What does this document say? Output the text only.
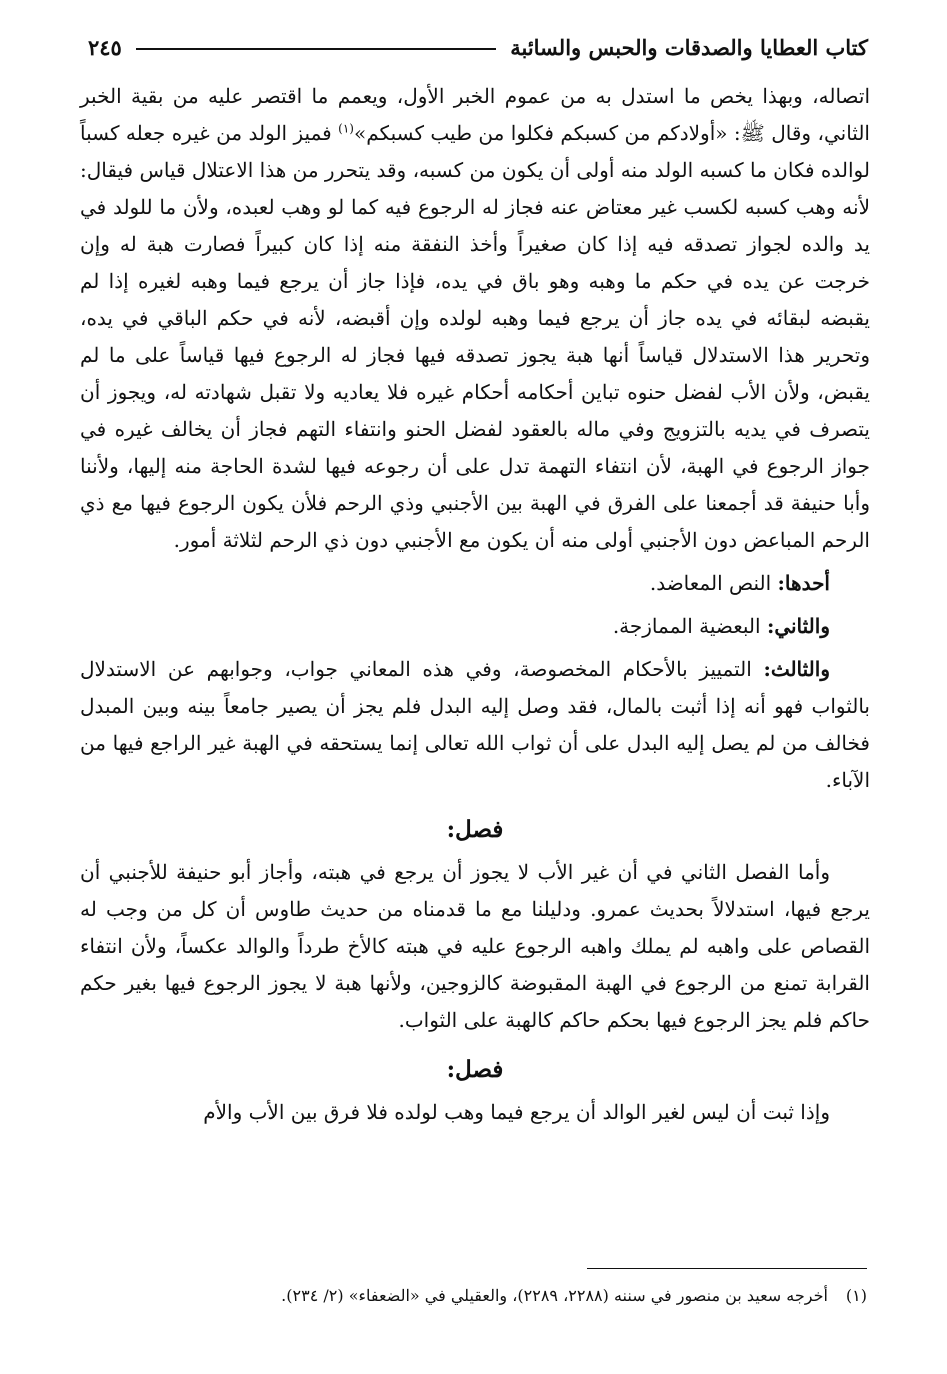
كتاب العطايا والصدقات والحبس والسائبة
٢٤٥

اتصاله، وبهذا يخص ما استدل به من عموم الخبر الأول، ويعمم ما اقتصر عليه من بقية الخبر الثاني، وقال ﷺ: «أولادكم من كسبكم فكلوا من طيب كسبكم»$^{(١)}$ فميز الولد من غيره جعله كسباً لوالده فكان ما كسبه الولد منه أولى أن يكون من كسبه، وقد يتحرر من هذا الاعتلال قياس فيقال: لأنه وهب كسبه لكسب غير معتاض عنه فجاز له الرجوع فيه كما لو وهب لعبده، ولأن ما للولد في يد والده لجواز تصدقه فيه إذا كان صغيراً وأخذ النفقة منه إذا كان كبيراً فصارت هبة له وإن خرجت عن يده في حكم ما وهبه وهو باق في يده، فإذا جاز أن يرجع فيما وهبه لغيره إذا لم يقبضه لبقائه في يده جاز أن يرجع فيما وهبه لولده وإن أقبضه، لأنه في حكم الباقي في يده، وتحرير هذا الاستدلال قياساً أنها هبة يجوز تصدقه فيها فجاز له الرجوع فيها قياساً على ما لم يقبض، ولأن الأب لفضل حنوه تباين أحكامه أحكام غيره فلا يعاديه ولا تقبل شهادته له، ويجوز أن يتصرف في يديه بالتزويج وفي ماله بالعقود لفضل الحنو وانتفاء التهم فجاز أن يخالف غيره في جواز الرجوع في الهبة، لأن انتفاء التهمة تدل على أن رجوعه فيها لشدة الحاجة منه إليها، ولأننا وأبا حنيفة قد أجمعنا على الفرق في الهبة بين الأجنبي وذي الرحم فلأن يكون الرجوع فيها مع ذي الرحم المباعض دون الأجنبي أولى منه أن يكون مع الأجنبي دون ذي الرحم لثلاثة أمور.

أحدها: النص المعاضد.

والثاني: البعضية الممازجة.

والثالث: التمييز بالأحكام المخصوصة، وفي هذه المعاني جواب، وجوابهم عن الاستدلال بالثواب فهو أنه إذا أثبت بالمال، فقد وصل إليه البدل فلم يجز أن يصير جامعاً بينه وبين المبدل فخالف من لم يصل إليه البدل على أن ثواب الله تعالى إنما يستحقه في الهبة غير الراجع فيها من الآباء.

فصل:

وأما الفصل الثاني في أن غير الأب لا يجوز أن يرجع في هبته، وأجاز أبو حنيفة للأجنبي أن يرجع فيها، استدلالاً بحديث عمرو. ودليلنا مع ما قدمناه من حديث طاوس أن كل من وجب له القصاص على واهبه لم يملك واهبه الرجوع عليه في هبته كالأخ طرداً والوالد عكساً، ولأن انتفاء القرابة تمنع من الرجوع في الهبة المقبوضة كالزوجين، ولأنها هبة لا يجوز الرجوع فيها بغير حكم حاكم فلم يجز الرجوع فيها بحكم حاكم كالهبة على الثواب.

فصل:

وإذا ثبت أن ليس لغير الوالد أن يرجع فيما وهب لولده فلا فرق بين الأب والأم

(١)أخرجه سعيد بن منصور في سننه (٢٢٨٨، ٢٢٨٩)، والعقيلي في «الضعفاء» (٢/ ٢٣٤).
